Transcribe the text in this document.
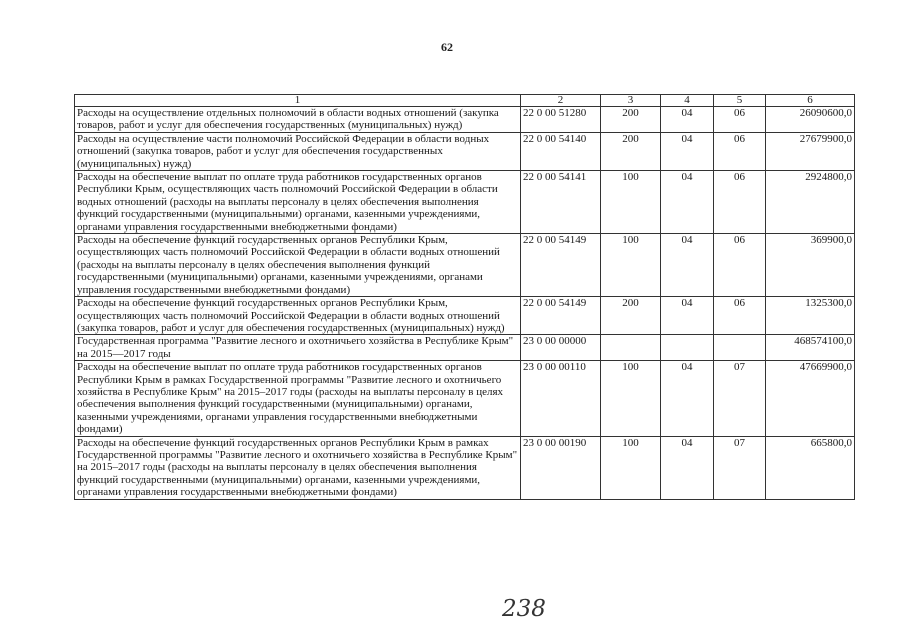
62
1	2	3	4	5	6
Расходы на осуществление отдельных полномочий в области водных отношений (закупка товаров, работ и услуг для обеспечения государственных (муниципальных) нужд)	22 0 00 51280	200	04	06	26090600,0
Расходы на осуществление части полномочий Российской Федерации в области водных отношений (закупка товаров, работ и услуг для обеспечения государственных (муниципальных) нужд)	22 0 00 54140	200	04	06	27679900,0
Расходы на обеспечение выплат по оплате труда работников государственных органов Республики Крым, осуществляющих часть полномочий Российской Федерации в области водных отношений (расходы на выплаты персоналу в целях обеспечения выполнения функций государственными (муниципальными) органами, казенными учреждениями, органами управления государственными внебюджетными фондами)	22 0 00 54141	100	04	06	2924800,0
Расходы на обеспечение функций государственных органов Республики Крым, осуществляющих часть полномочий Российской Федерации в области водных отношений (расходы на выплаты персоналу в целях обеспечения выполнения функций государственными (муниципальными) органами, казенными учреждениями, органами управления государственными внебюджетными фондами)	22 0 00 54149	100	04	06	369900,0
Расходы на обеспечение функций государственных органов Республики Крым, осуществляющих часть полномочий Российской Федерации в области водных отношений (закупка товаров, работ и услуг для обеспечения государственных (муниципальных) нужд)	22 0 00 54149	200	04	06	1325300,0
Государственная программа "Развитие лесного и охотничьего хозяйства в Республике Крым" на 2015—2017 годы	23 0 00 00000				468574100,0
Расходы на обеспечение выплат по оплате труда работников государственных органов Республики Крым в рамках Государственной программы "Развитие лесного и охотничьего хозяйства в Республике Крым" на 2015–2017 годы (расходы на выплаты персоналу в целях обеспечения выполнения функций государственными (муниципальными) органами, казенными учреждениями, органами управления государственными внебюджетными фондами)	23 0 00 00110	100	04	07	47669900,0
Расходы на обеспечение функций государственных органов Республики Крым в рамках Государственной программы "Развитие лесного и охотничьего хозяйства в Республике Крым" на 2015–2017 годы (расходы на выплаты персоналу в целях обеспечения выполнения функций государственными (муниципальными) органами, казенными учреждениями, органами управления государственными внебюджетными фондами)	23 0 00 00190	100	04	07	665800,0
238
